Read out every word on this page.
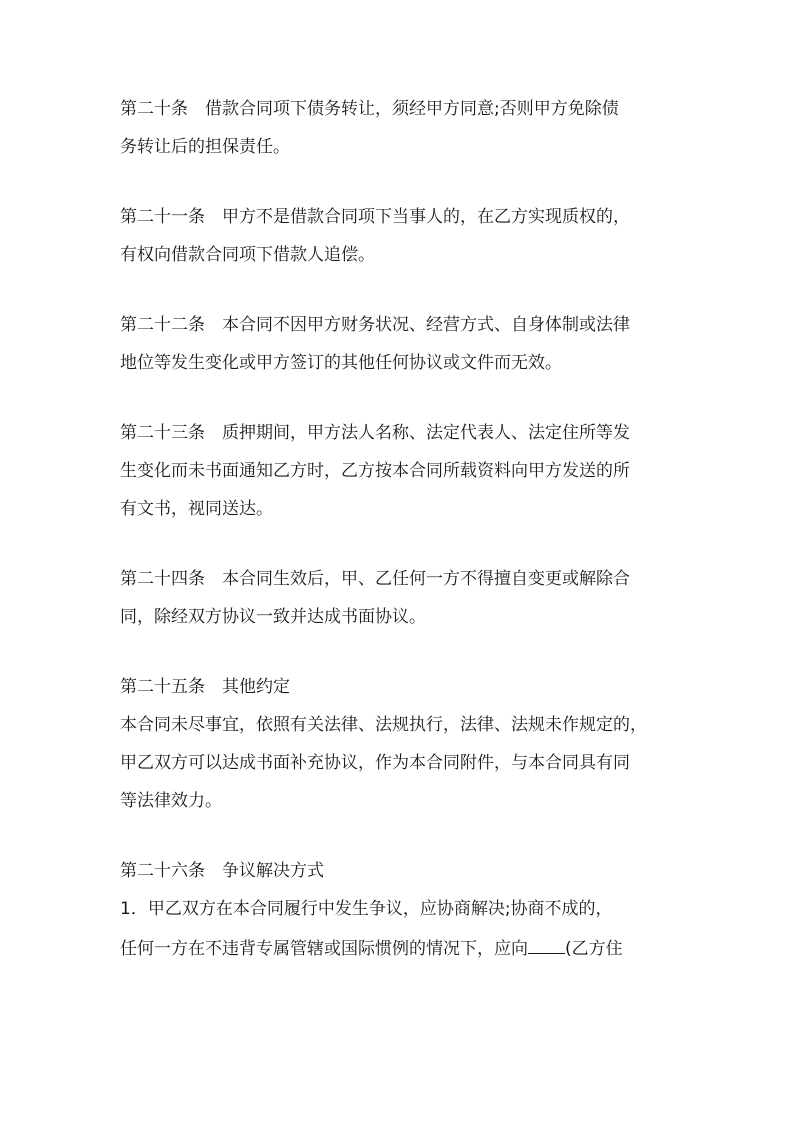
第二十条　借款合同项下债务转让，须经甲方同意;否则甲方免除债
务转让后的担保责任。
第二十一条　甲方不是借款合同项下当事人的，在乙方实现质权的，
有权向借款合同项下借款人追偿。
第二十二条　本合同不因甲方财务状况、经营方式、自身体制或法律
地位等发生变化或甲方签订的其他任何协议或文件而无效。
第二十三条　质押期间，甲方法人名称、法定代表人、法定住所等发
生变化而未书面通知乙方时，乙方按本合同所载资料向甲方发送的所
有文书，视同送达。
第二十四条　本合同生效后，甲、乙任何一方不得擅自变更或解除合
同，除经双方协议一致并达成书面协议。
第二十五条　其他约定
本合同未尽事宜，依照有关法律、法规执行，法律、法规未作规定的，
甲乙双方可以达成书面补充协议，作为本合同附件，与本合同具有同
等法律效力。
第二十六条　争议解决方式
1．甲乙双方在本合同履行中发生争议，应协商解决;协商不成的，
任何一方在不违背专属管辖或国际惯例的情况下，应向 (乙方住
